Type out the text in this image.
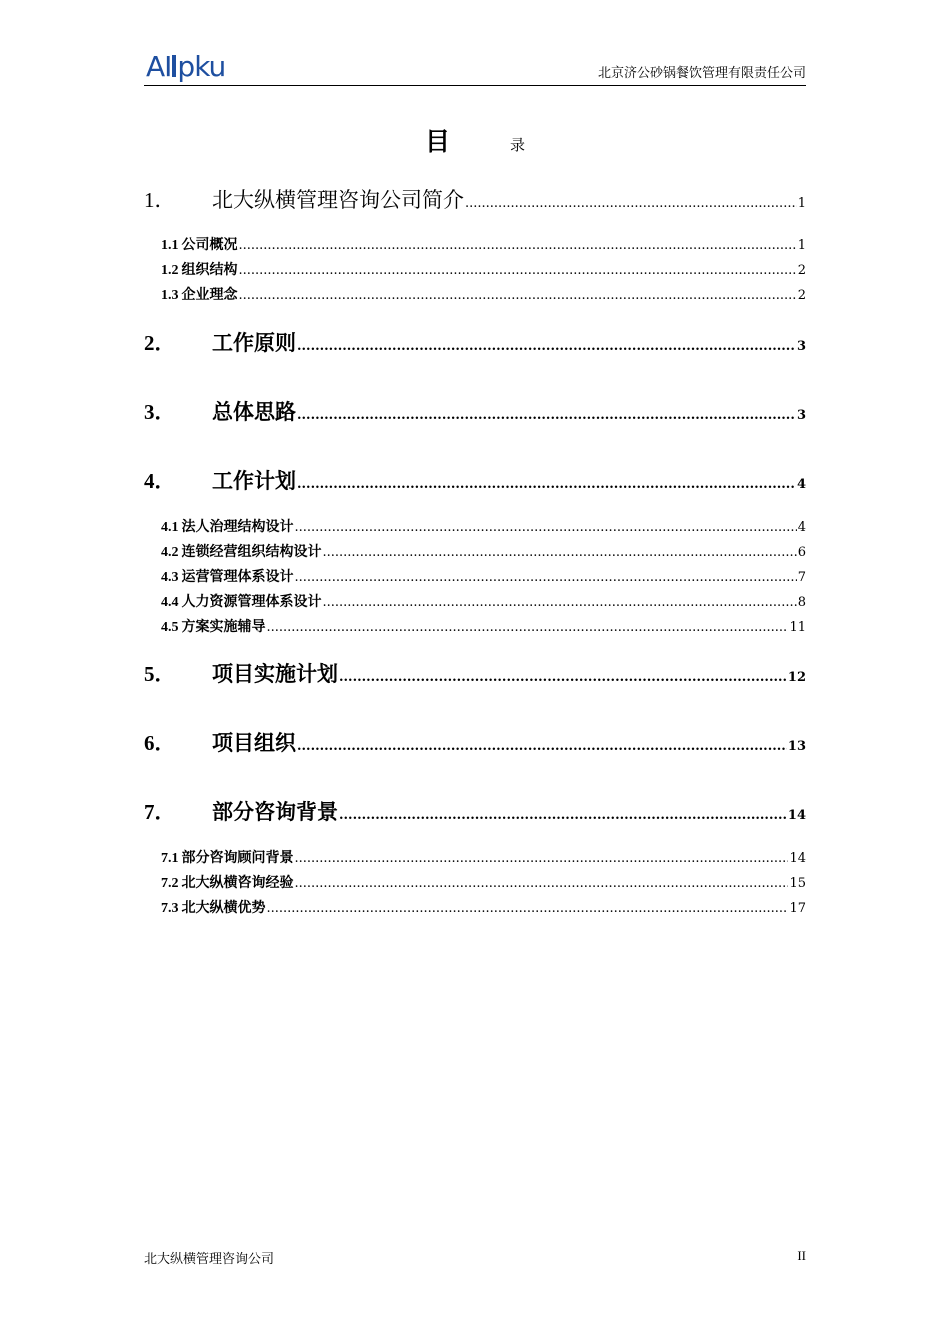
AI pku	北京济公砂锅餐饮管理有限责任公司
目	录
1． 北大纵横管理咨询公司简介 .....	1
1.1 公司概况 .....	1
1.2 组织结构 .....	2
1.3 企业理念 .....	2
2． 工作原则 .....	3
3． 总体思路 .....	3
4． 工作计划 .....	4
4.1 法人治理结构设计 .....	4
4.2 连锁经营组织结构设计 .....	6
4.3 运营管理体系设计 .....	7
4.4 人力资源管理体系设计 .....	8
4.5 方案实施辅导 .....	11
5． 项目实施计划 .....	12
6． 项目组织 .....	13
7． 部分咨询背景 .....	14
7.1 部分咨询顾问背景 .....	14
7.2 北大纵横咨询经验 .....	15
7.3 北大纵横优势 .....	17
北大纵横管理咨询公司	II
